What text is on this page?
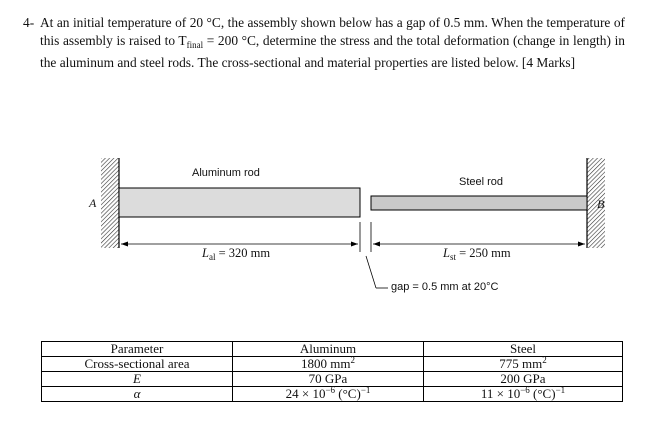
4- At an initial temperature of 20 °C, the assembly shown below has a gap of 0.5 mm. When the temperature of this assembly is raised to $T_{final} = 200$ °C, determine the stress and the total deformation (change in length) in the aluminum and steel rods. The cross-sectional and material properties are listed below. [4 Marks]

Aluminum rod
Steel rod
A	B
$L_{al} = 320$ mm	$L_{st} = 250$ mm
gap = 0.5 mm at 20°C
Parameter	Aluminum	Steel
Cross-sectional area	1800 $mm^2$	775 $mm^2$
E	70 GPa	200 GPa
α	$24 \times 10^{-6}$ $(^\circ C)^{-1}$	$11 \times 10^{-6}$ $(^\circ C)^{-1}$
